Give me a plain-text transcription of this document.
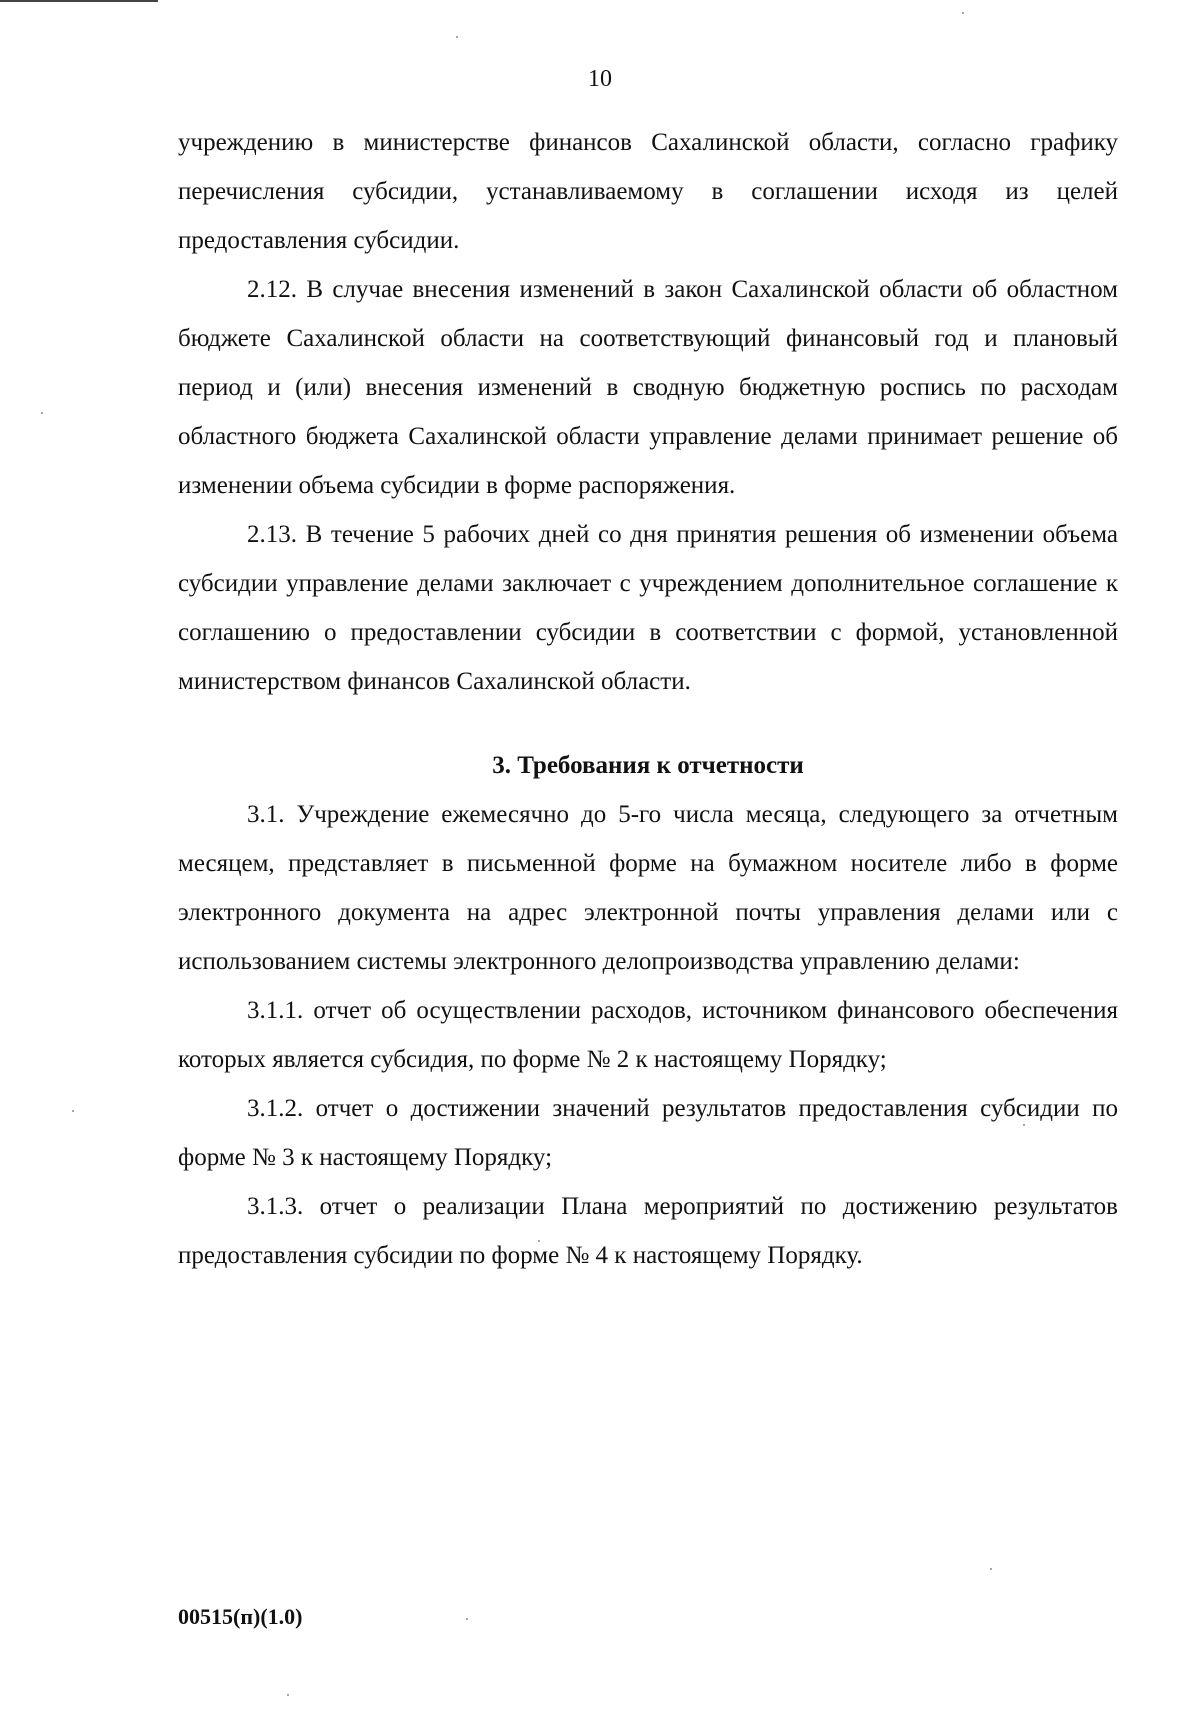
10

учреждению в министерстве финансов Сахалинской области, согласно графику перечисления субсидии, устанавливаемому в соглашении исходя из целей предоставления субсидии.

2.12. В случае внесения изменений в закон Сахалинской области об областном бюджете Сахалинской области на соответствующий финансовый год и плановый период и (или) внесения изменений в сводную бюджетную роспись по расходам областного бюджета Сахалинской области управление делами принимает решение об изменении объема субсидии в форме распоряжения.

2.13. В течение 5 рабочих дней со дня принятия решения об изменении объема субсидии управление делами заключает с учреждением дополнительное соглашение к соглашению о предоставлении субсидии в соответствии с формой, установленной министерством финансов Сахалинской области.

3. Требования к отчетности

3.1. Учреждение ежемесячно до 5-го числа месяца, следующего за отчетным месяцем, представляет в письменной форме на бумажном носителе либо в форме электронного документа на адрес электронной почты управления делами или с использованием системы электронного делопроизводства управлению делами:

3.1.1. отчет об осуществлении расходов, источником финансового обеспечения которых является субсидия, по форме № 2 к настоящему Порядку;

3.1.2. отчет о достижении значений результатов предоставления субсидии по форме № 3 к настоящему Порядку;

3.1.3. отчет о реализации Плана мероприятий по достижению результатов предоставления субсидии по форме № 4 к настоящему Порядку.

00515(п)(1.0)
